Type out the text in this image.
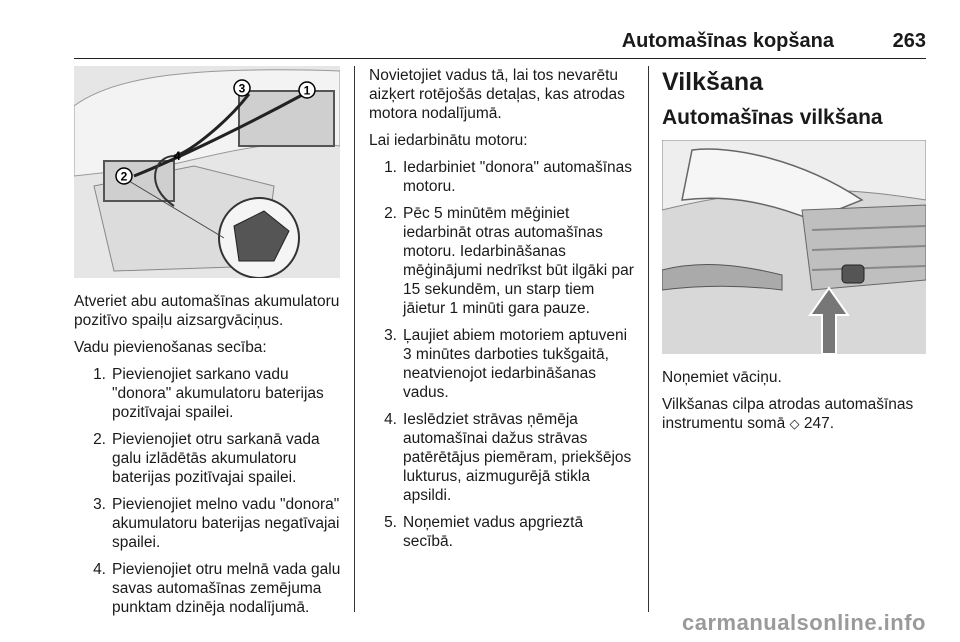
Automašīnas kopšana	263
1
3
4
2

Atveriet abu automašīnas akumulatoru pozitīvo spaiļu aizsargvāciņus.

Vadu pievienošanas secība:

1. Pievienojiet sarkano vadu "donora" akumulatoru baterijas pozitīvajai spailei.
2. Pievienojiet otru sarkanā vada galu izlādētās akumulatoru baterijas pozitīvajai spailei.
3. Pievienojiet melno vadu "donora" akumulatoru baterijas negatīvajai spailei.
4. Pievienojiet otru melnā vada galu savas automašīnas zemējuma punktam dzinēja nodalījumā.

Novietojiet vadus tā, lai tos nevarētu aizķert rotējošās detaļas, kas atrodas motora nodalījumā.

Lai iedarbinātu motoru:

1. Iedarbiniet "donora" automašīnas motoru.
2. Pēc 5 minūtēm mēģiniet iedarbināt otras automašīnas motoru. Iedarbināšanas mēģinājumi nedrīkst būt ilgāki par 15 sekundēm, un starp tiem jāietur 1 minūti gara pauze.
3. Ļaujiet abiem motoriem aptuveni 3 minūtes darboties tukšgaitā, neatvienojot iedarbināšanas vadus.
4. Ieslēdziet strāvas ņēmēja automašīnai dažus strāvas patērētājus piemēram, priekšējos lukturus, aizmugurējā stikla apsildi.
5. Noņemiet vadus apgrieztā secībā.
Vilkšana
Automašīnas vilkšana

Noņemiet vāciņu.

Vilkšanas cilpa atrodas automašīnas instrumentu somā ◇ 247.

carmanualsonline.info
